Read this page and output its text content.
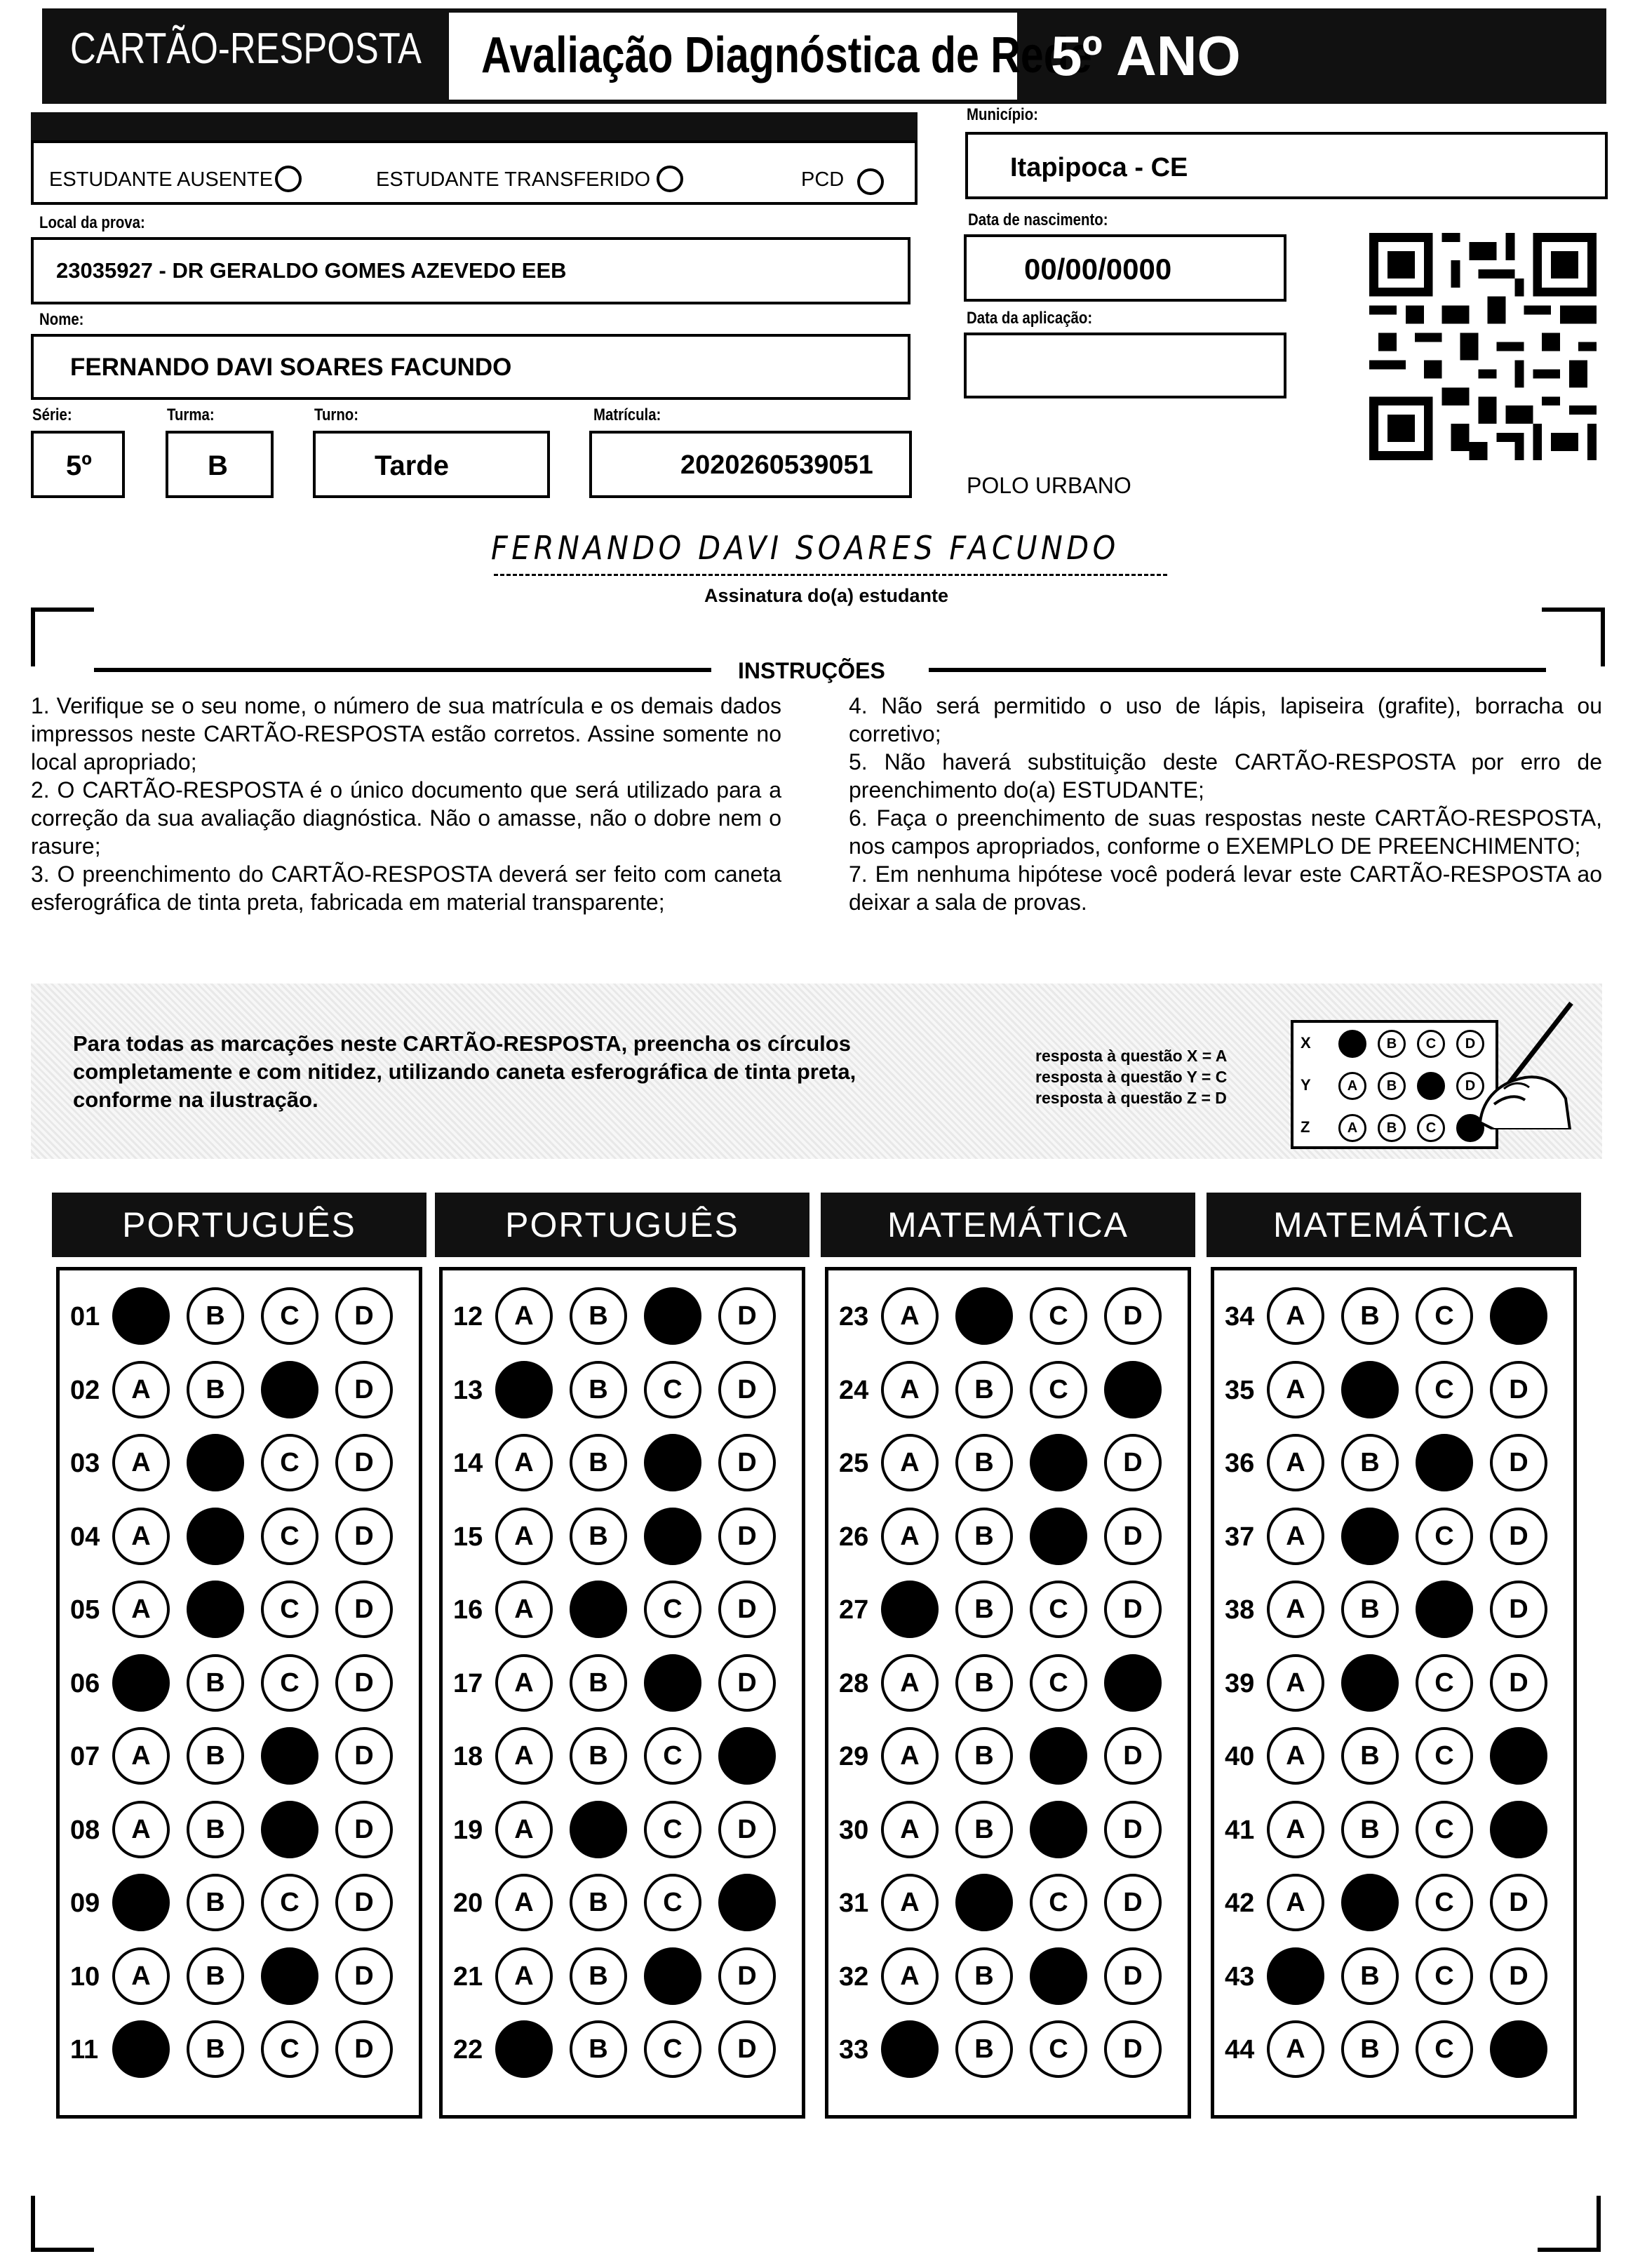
CARTÃO-RESPOSTA Avaliação Diagnóstica de Rede
5º ANO
ESTUDANTE AUSENTE	ESTUDANTE TRANSFERIDO	PCD
Local da prova:
23035927 - DR GERALDO GOMES AZEVEDO EEB
Nome:
FERNANDO DAVI SOARES FACUNDO
Série:
5º
Turma:
B
Turno:
Tarde
Matrícula:
2020260539051
Município:
Itapipoca - CE
Data de nascimento:
00/00/0000
Data da aplicação:
POLO URBANO
FERNANDO DAVI SOARES FACUNDO
Assinatura do(a) estudante
INSTRUÇÕES

1. Verifique se o seu nome, o número de sua matrícula e os demais dados impressos neste CARTÃO-RESPOSTA estão corretos. Assine somente no local apropriado;

2. O CARTÃO-RESPOSTA é o único documento que será utilizado para a correção da sua avaliação diagnóstica. Não o amasse, não o dobre nem o rasure;

3. O preenchimento do CARTÃO-RESPOSTA deverá ser feito com caneta esferográfica de tinta preta, fabricada em material transparente;

4. Não será permitido o uso de lápis, lapiseira (grafite), borracha ou corretivo;

5. Não haverá substituição deste CARTÃO-RESPOSTA por erro de preenchimento do(a) ESTUDANTE;

6. Faça o preenchimento de suas respostas neste CARTÃO-RESPOSTA, nos campos apropriados, conforme o EXEMPLO DE PREENCHIMENTO;

7. Em nenhuma hipótese você poderá levar este CARTÃO-RESPOSTA ao deixar a sala de provas.

Para todas as marcações neste CARTÃO-RESPOSTA, preencha os círculos completamente e com nitidez, utilizando caneta esferográfica de tinta preta, conforme na ilustração.
resposta à questão X = A
resposta à questão Y = C
resposta à questão Z = D
X	A	B	C	D
Y	A	B	C	D
Z	A	B	C	D
PORTUGUÊS
01	A	B	C	D
02	A	B	C	D
03	A	B	C	D
04	A	B	C	D
05	A	B	C	D
06	A	B	C	D
07	A	B	C	D
08	A	B	C	D
09	A	B	C	D
10	A	B	C	D
11	A	B	C	D
PORTUGUÊS
12	A	B	C	D
13	A	B	C	D
14	A	B	C	D
15	A	B	C	D
16	A	B	C	D
17	A	B	C	D
18	A	B	C	D
19	A	B	C	D
20	A	B	C	D
21	A	B	C	D
22	A	B	C	D
MATEMÁTICA
23	A	B	C	D
24	A	B	C	D
25	A	B	C	D
26	A	B	C	D
27	A	B	C	D
28	A	B	C	D
29	A	B	C	D
30	A	B	C	D
31	A	B	C	D
32	A	B	C	D
33	A	B	C	D
MATEMÁTICA
34	A	B	C	D
35	A	B	C	D
36	A	B	C	D
37	A	B	C	D
38	A	B	C	D
39	A	B	C	D
40	A	B	C	D
41	A	B	C	D
42	A	B	C	D
43	A	B	C	D
44	A	B	C	D
